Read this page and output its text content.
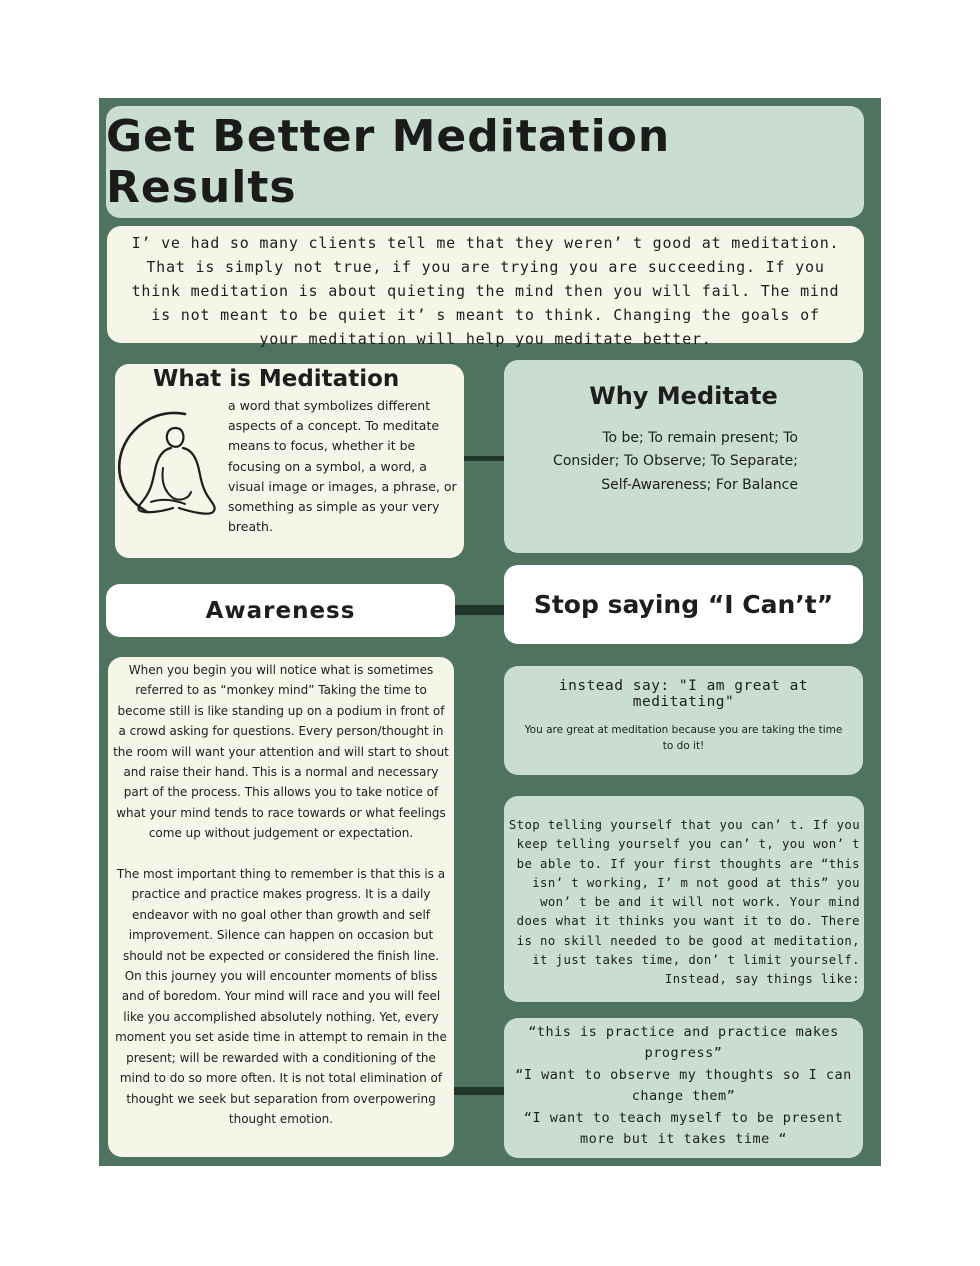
Get Better Meditation Results

I’ ve had so many clients tell me that they weren’ t good at meditation. That is simply not true, if you are trying you are succeeding. If you think meditation is about quieting the mind then you will fail. The mind is not meant to be quiet it’ s meant to think. Changing the goals of your meditation will help you meditate better.

What is Meditation

a word that symbolizes different aspects of a concept. To meditate means to focus, whether it be focusing on a symbol, a word, a visual image or images, a phrase, or something as simple as your very breath.

Why Meditate

To be; To remain present; To Consider; To Observe; To Separate; Self-Awareness; For Balance

Awareness	Stop saying “I Can’t”

When you begin you will notice what is sometimes referred to as “monkey mind” Taking the time to become still is like standing up on a podium in front of a crowd asking for questions. Every person/thought in the room will want your attention and will start to shout and raise their hand. This is a normal and necessary part of the process. This allows you to take notice of what your mind tends to race towards or what feelings come up without judgement or expectation.

The most important thing to remember is that this is a practice and practice makes progress. It is a daily endeavor with no goal other than growth and self improvement. Silence can happen on occasion but should not be expected or considered the finish line. On this journey you will encounter moments of bliss and of boredom. Your mind will race and you will feel like you accomplished absolutely nothing. Yet, every moment you set aside time in attempt to remain in the present; will be rewarded with a conditioning of the mind to do so more often. It is not total elimination of thought we seek but separation from overpowering thought emotion.

instead say: "I am great at meditating"

You are great at meditation because you are taking the time to do it!

Stop telling yourself that you can’ t. If you keep telling yourself you can’ t, you won’ t be able to. If your first thoughts are “this isn’ t working, I’ m not good at this” you won’ t be and it will not work. Your mind does what it thinks you want it to do. There is no skill needed to be good at meditation, it just takes time, don’ t limit yourself. Instead, say things like:

“this is practice and practice makes progress”

“I want to observe my thoughts so I can change them”

“I want to teach myself to be present more but it takes time “
